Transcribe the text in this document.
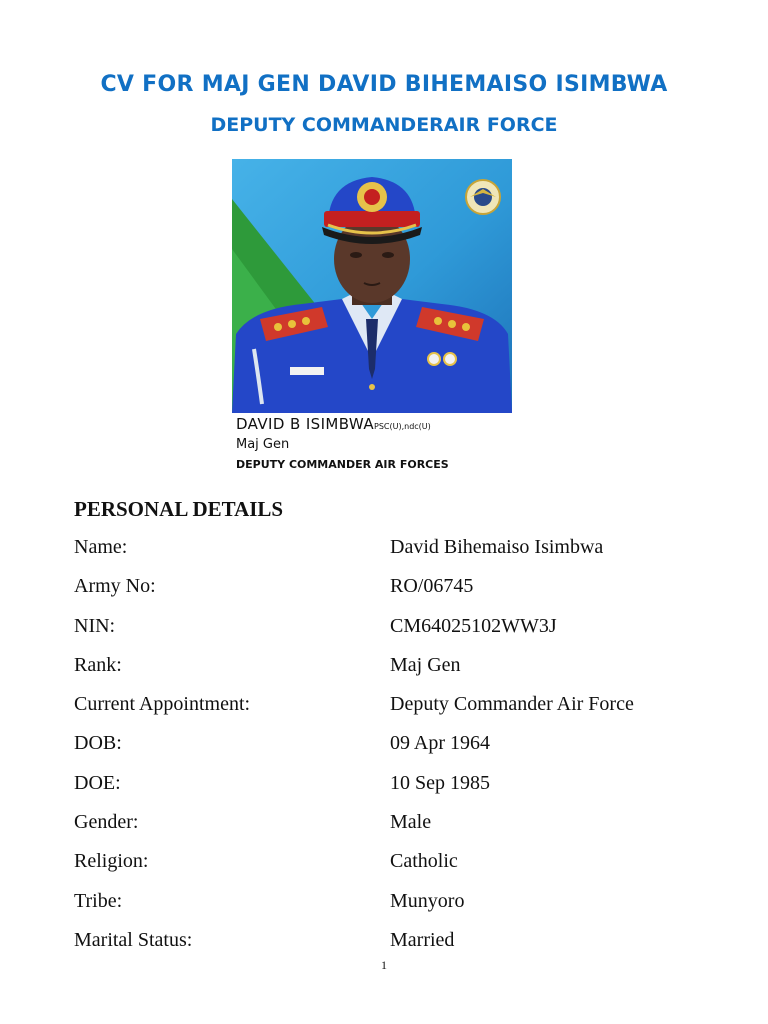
CV FOR MAJ GEN DAVID BIHEMAISO ISIMBWA
DEPUTY COMMANDERAIR FORCE
DAVID B ISIMBWAPSC(U),ndc(U)
Maj Gen
DEPUTY COMMANDER AIR FORCES
PERSONAL DETAILS
Name:	David Bihemaiso Isimbwa
Army No:	RO/06745
NIN:	CM64025102WW3J
Rank:	Maj Gen
Current Appointment:	Deputy Commander Air Force
DOB:	09 Apr 1964
DOE:	10 Sep 1985
Gender:	Male
Religion:	Catholic
Tribe:	Munyoro
Marital Status:	Married
1
